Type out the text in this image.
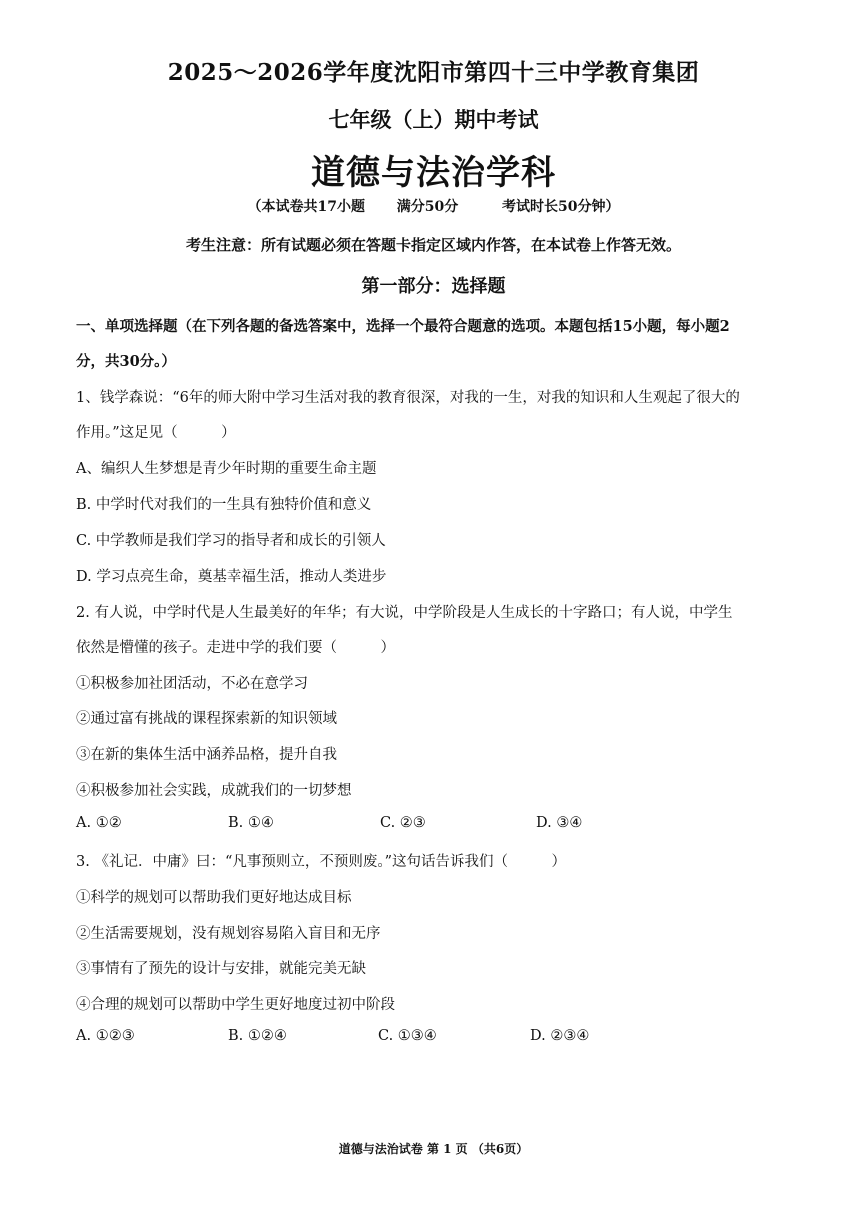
2025～2026学年度沈阳市第四十三中学教育集团
七年级（上）期中考试
道德与法治学科
（本试卷共17小题 满分50分	考试时长50分钟）
考生注意：所有试题必须在答题卡指定区域内作答，在本试卷上作答无效。
第一部分：选择题
一、单项选择题（在下列各题的备选答案中，选择一个最符合题意的选项。本题包括15小题，每小题2
分，共30分。）
1、钱学森说：“6年的师大附中学习生活对我的教育很深，对我的一生，对我的知识和人生观起了很大的
作用。”这足见（　　　）
A、编织人生梦想是青少年时期的重要生命主题
B. 中学时代对我们的一生具有独特价值和意义
C. 中学教师是我们学习的指导者和成长的引领人
D. 学习点亮生命，奠基幸福生活，推动人类进步
2. 有人说，中学时代是人生最美好的年华；有大说，中学阶段是人生成长的十字路口；有人说，中学生
依然是懵懂的孩子。走进中学的我们要（　　　）
①积极参加社团活动，不必在意学习
②通过富有挑战的课程探索新的知识领域
③在新的集体生活中涵养品格，提升自我
④积极参加社会实践，成就我们的一切梦想
A. ①②	B. ①④	C. ②③	D. ③④
3. 《礼记．中庸》曰：“凡事预则立，不预则废。”这句话告诉我们（　　　）
①科学的规划可以帮助我们更好地达成目标
②生活需要规划，没有规划容易陷入盲目和无序
③事情有了预先的设计与安排，就能完美无缺
④合理的规划可以帮助中学生更好地度过初中阶段
A. ①②③	B. ①②④	C. ①③④	D. ②③④
道德与法治试卷 第 1 页 （共6页）
